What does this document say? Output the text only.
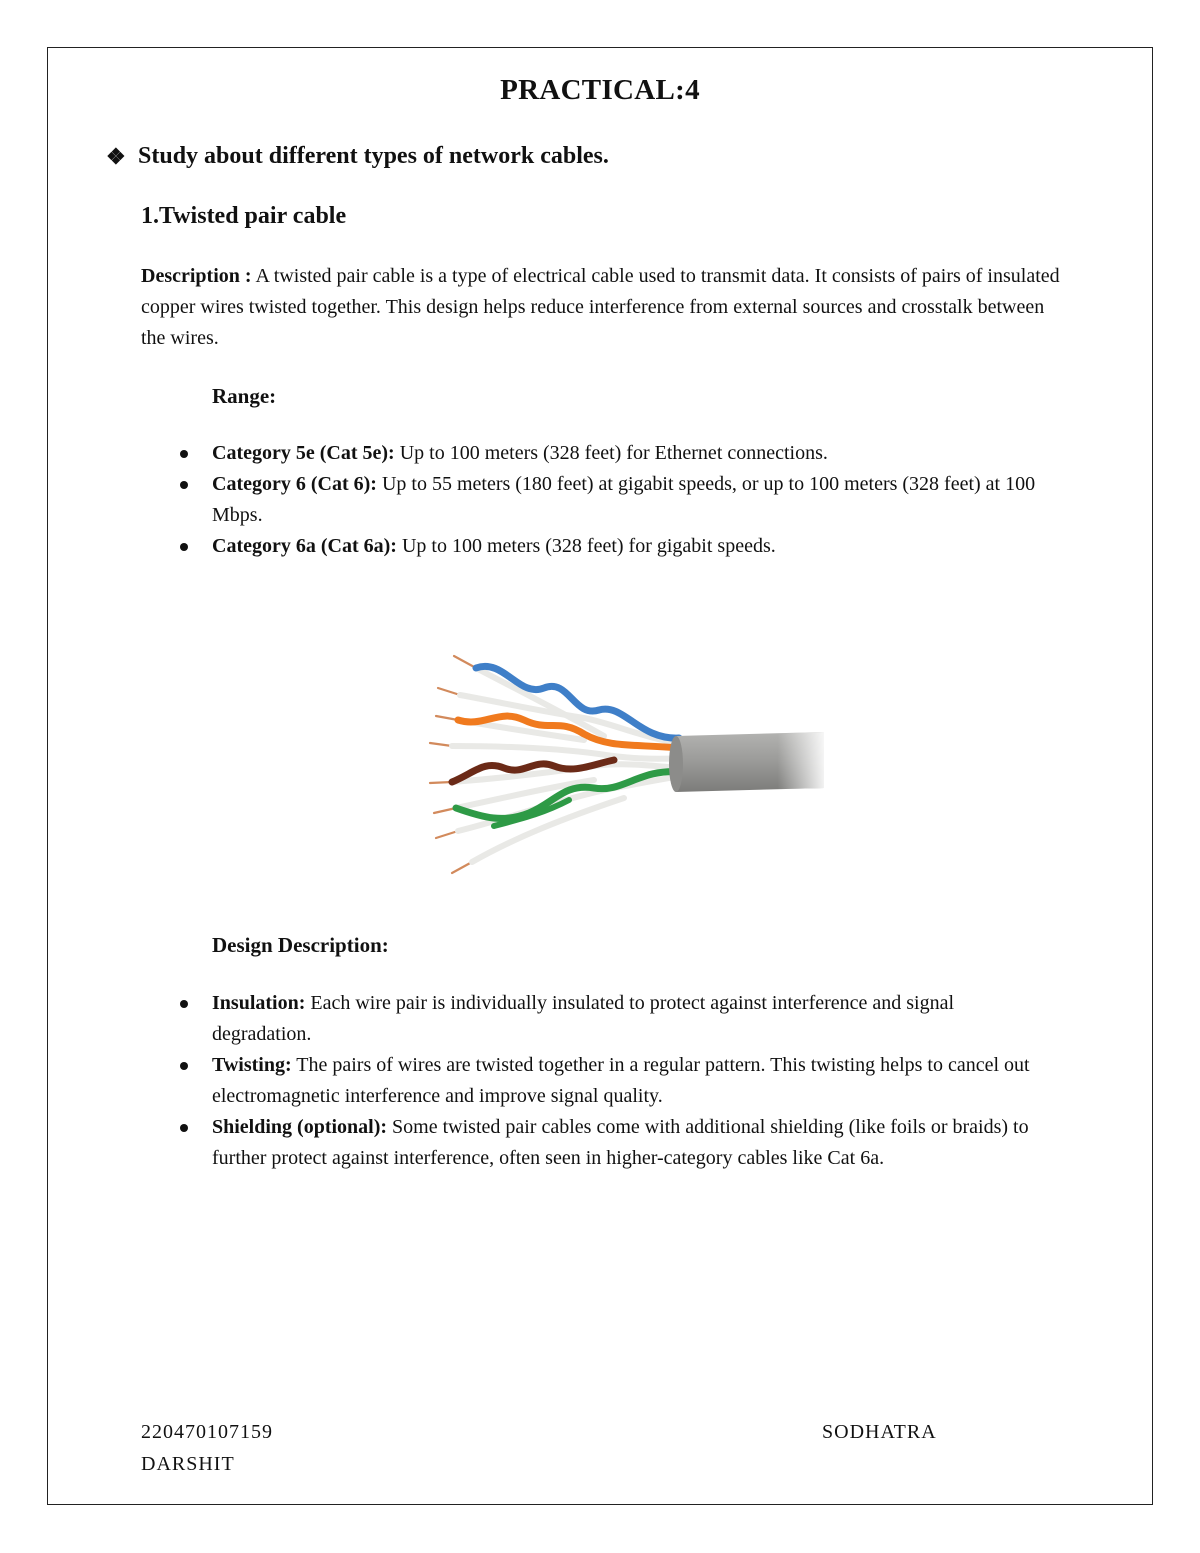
PRACTICAL:4
❖ Study about different types of network cables.
1.Twisted pair cable
Description : A twisted pair cable is a type of electrical cable used to transmit data. It consists of pairs of insulated copper wires twisted together. This design helps reduce interference from external sources and crosstalk between the wires.
Range:
Category 5e (Cat 5e): Up to 100 meters (328 feet) for Ethernet connections.
Category 6 (Cat 6): Up to 55 meters (180 feet) at gigabit speeds, or up to 100 meters (328 feet) at 100 Mbps.
Category 6a (Cat 6a): Up to 100 meters (328 feet) for gigabit speeds.
Design Description:
Insulation: Each wire pair is individually insulated to protect against interference and signal degradation.
Twisting: The pairs of wires are twisted together in a regular pattern. This twisting helps to cancel out electromagnetic interference and improve signal quality.
Shielding (optional): Some twisted pair cables come with additional shielding (like foils or braids) to further protect against interference, often seen in higher-category cables like Cat 6a.
220470107159
DARSHIT
SODHATRA
